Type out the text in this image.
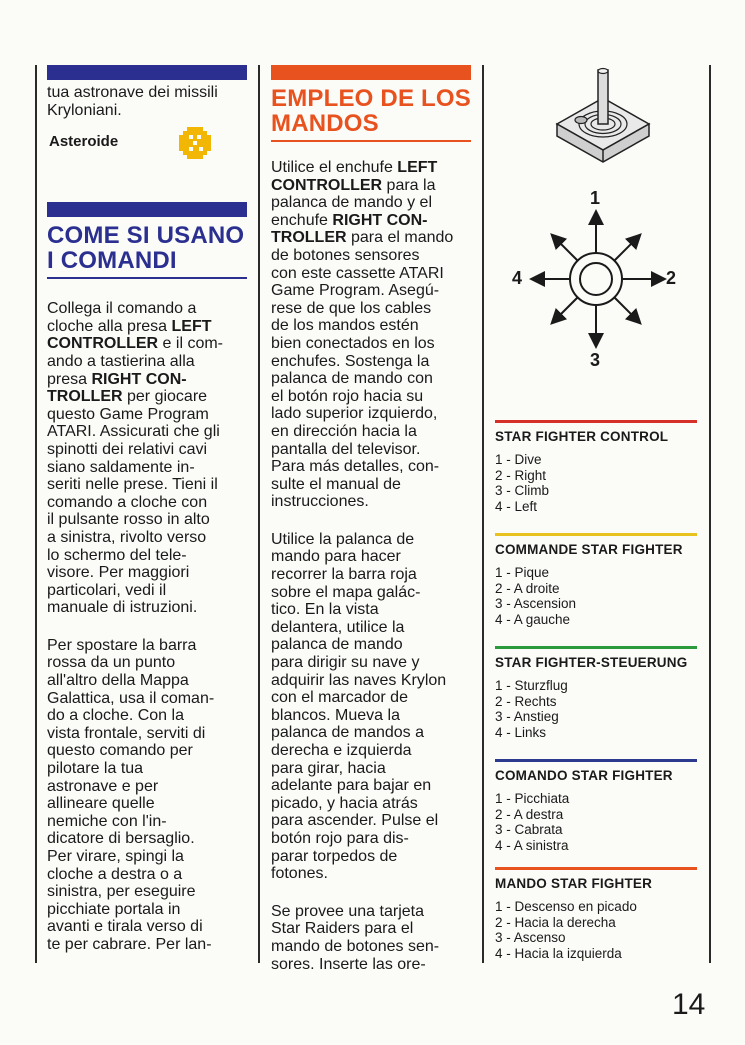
tua astronave dei missili
Kryloniani.

Asteroide
COME SI USANO
I COMANDI

Collega il comando a
cloche alla presa LEFT
CONTROLLER e il com-
ando a tastierina alla
presa RIGHT CON-
TROLLER per giocare
questo Game Program
ATARI. Assicurati che gli
spinotti dei relativi cavi
siano saldamente in-
seriti nelle prese. Tieni il
comando a cloche con
il pulsante rosso in alto
a sinistra, rivolto verso
lo schermo del tele-
visore. Per maggiori
particolari, vedi il
manuale di istruzioni.

Per spostare la barra
rossa da un punto
all'altro della Mappa
Galattica, usa il coman-
do a cloche. Con la
vista frontale, serviti di
questo comando per
pilotare la tua
astronave e per
allineare quelle
nemiche con l'in-
dicatore di bersaglio.
Per virare, spingi la
cloche a destra o a
sinistra, per eseguire
picchiate portala in
avanti e tirala verso di
te per cabrare. Per lan-

EMPLEO DE LOS
MANDOS

Utilice el enchufe LEFT
CONTROLLER para la
palanca de mando y el
enchufe RIGHT CON-
TROLLER para el mando
de botones sensores
con este cassette ATARI
Game Program. Asegú-
rese de que los cables
de los mandos estén
bien conectados en los
enchufes. Sostenga la
palanca de mando con
el botón rojo hacia su
lado superior izquierdo,
en dirección hacia la
pantalla del televisor.
Para más detalles, con-
sulte el manual de
instrucciones.

Utilice la palanca de
mando para hacer
recorrer la barra roja
sobre el mapa galác-
tico. En la vista
delantera, utilice la
palanca de mando
para dirigir su nave y
adquirir las naves Krylon
con el marcador de
blancos. Mueva la
palanca de mandos a
derecha e izquierda
para girar, hacia
adelante para bajar en
picado, y hacia atrás
para ascender. Pulse el
botón rojo para dis-
parar torpedos de
fotones.

Se provee una tarjeta
Star Raiders para el
mando de botones sen-
sores. Inserte las ore-

1
2
3
4
STAR FIGHTER CONTROL
1 - Dive
2 - Right
3 - Climb
4 - Left
COMMANDE STAR FIGHTER
1 - Pique
2 - A droite
3 - Ascension
4 - A gauche
STAR FIGHTER-STEUERUNG
1 - Sturzflug
2 - Rechts
3 - Anstieg
4 - Links
COMANDO STAR FIGHTER
1 - Picchiata
2 - A destra
3 - Cabrata
4 - A sinistra
MANDO STAR FIGHTER
1 - Descenso en picado
2 - Hacia la derecha
3 - Ascenso
4 - Hacia la izquierda
14
